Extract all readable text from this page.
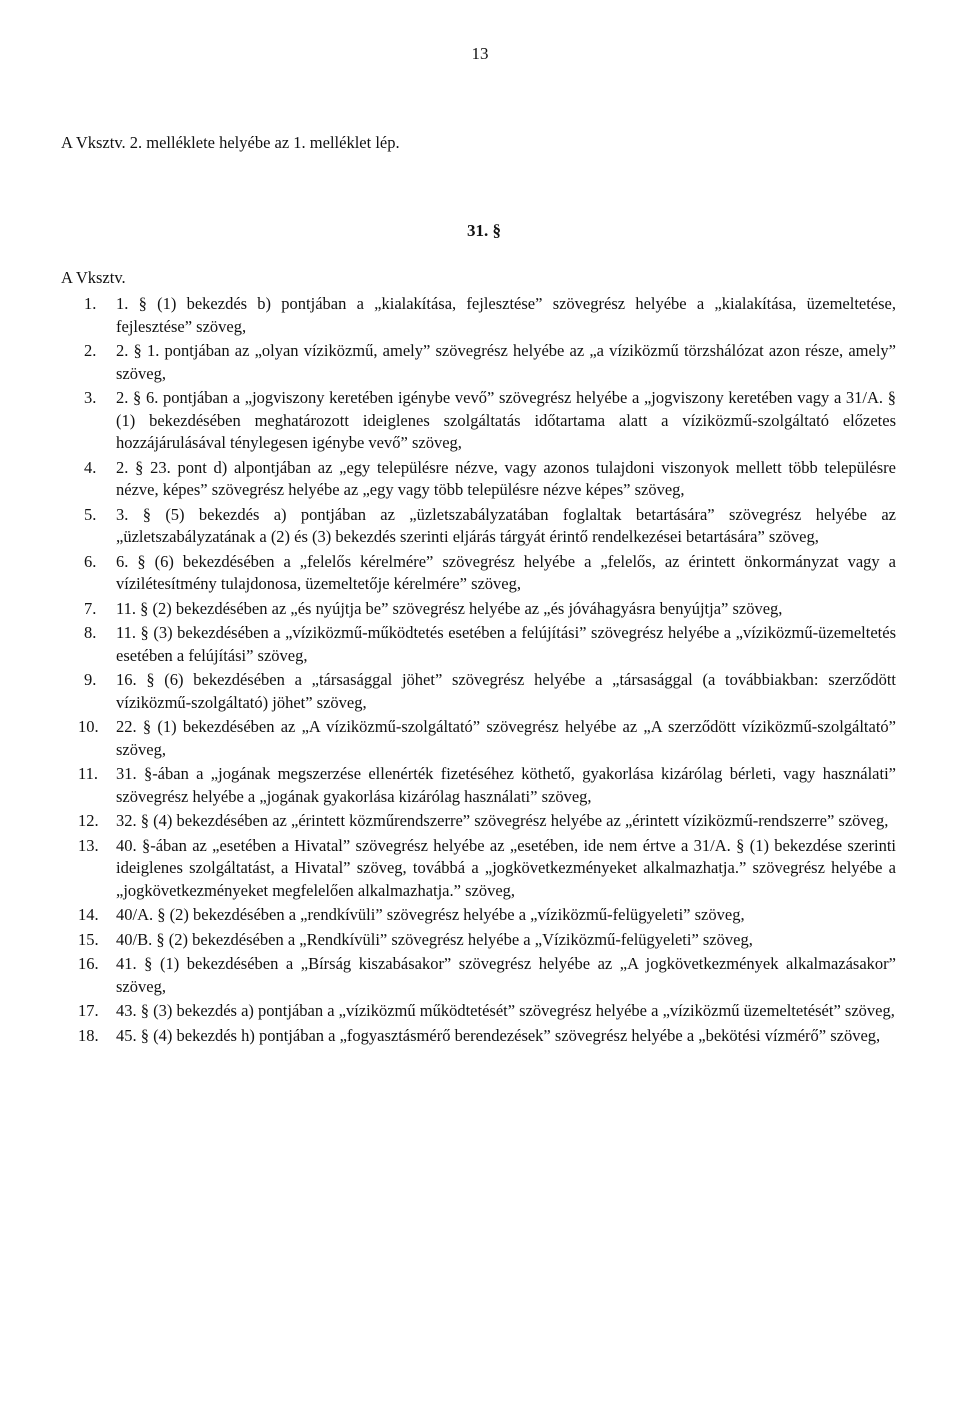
13
A Vksztv. 2. melléklete helyébe az 1. melléklet lép.
31. §
A Vksztv.
1.	1. § (1) bekezdés b) pontjában a „kialakítása, fejlesztése” szövegrész helyébe a „kialakítása, üzemeltetése, fejlesztése” szöveg,
2.	2. § 1. pontjában az „olyan víziközmű, amely” szövegrész helyébe az „a víziközmű törzshálózat azon része, amely” szöveg,
3.	2. § 6. pontjában a „jogviszony keretében igénybe vevő” szövegrész helyébe a „jogviszony keretében vagy a 31/A. § (1) bekezdésében meghatározott ideiglenes szolgáltatás időtartama alatt a víziközmű-szolgáltató előzetes hozzájárulásával ténylegesen igénybe vevő” szöveg,
4.	2. § 23. pont d) alpontjában az „egy településre nézve, vagy azonos tulajdoni viszonyok mellett több településre nézve, képes” szövegrész helyébe az „egy vagy több településre nézve képes” szöveg,
5.	3. § (5) bekezdés a) pontjában az „üzletszabályzatában foglaltak betartására” szövegrész helyébe az „üzletszabályzatának a (2) és (3) bekezdés szerinti eljárás tárgyát érintő rendelkezései betartására” szöveg,
6.	6. § (6) bekezdésében a „felelős kérelmére” szövegrész helyébe a „felelős, az érintett önkormányzat vagy a vízilétesítmény tulajdonosa, üzemeltetője kérelmére” szöveg,
7.	11. § (2) bekezdésében az „és nyújtja be” szövegrész helyébe az „és jóváhagyásra benyújtja” szöveg,
8.	11. § (3) bekezdésében a „víziközmű-működtetés esetében a felújítási” szövegrész helyébe a „víziközmű-üzemeltetés esetében a felújítási” szöveg,
9.	16. § (6) bekezdésében a „társasággal jöhet” szövegrész helyébe a „társasággal (a továbbiakban: szerződött víziközmű-szolgáltató) jöhet” szöveg,
10.	22. § (1) bekezdésében az „A víziközmű-szolgáltató” szövegrész helyébe az „A szerződött víziközmű-szolgáltató” szöveg,
11.	31. §-ában a „jogának megszerzése ellenérték fizetéséhez köthető, gyakorlása kizárólag bérleti, vagy használati” szövegrész helyébe a „jogának gyakorlása kizárólag használati” szöveg,
12.	32. § (4) bekezdésében az „érintett közműrendszerre” szövegrész helyébe az „érintett víziközmű-rendszerre” szöveg,
13.	40. §-ában az „esetében a Hivatal” szövegrész helyébe az „esetében, ide nem értve a 31/A. § (1) bekezdése szerinti ideiglenes szolgáltatást, a Hivatal” szöveg, továbbá a „jogkövetkezményeket alkalmazhatja.” szövegrész helyébe a „jogkövetkezményeket megfelelően alkalmazhatja.” szöveg,
14.	40/A. § (2) bekezdésében a „rendkívüli” szövegrész helyébe a „víziközmű-felügyeleti” szöveg,
15.	40/B. § (2) bekezdésében a „Rendkívüli” szövegrész helyébe a „Víziközmű-felügyeleti” szöveg,
16.	41. § (1) bekezdésében a „Bírság kiszabásakor” szövegrész helyébe az „A jogkövetkezmények alkalmazásakor” szöveg,
17.	43. § (3) bekezdés a) pontjában a „víziközmű működtetését” szövegrész helyébe a „víziközmű üzemeltetését” szöveg,
18.	45. § (4) bekezdés h) pontjában a „fogyasztásmérő berendezések” szövegrész helyébe a „bekötési vízmérő” szöveg,
